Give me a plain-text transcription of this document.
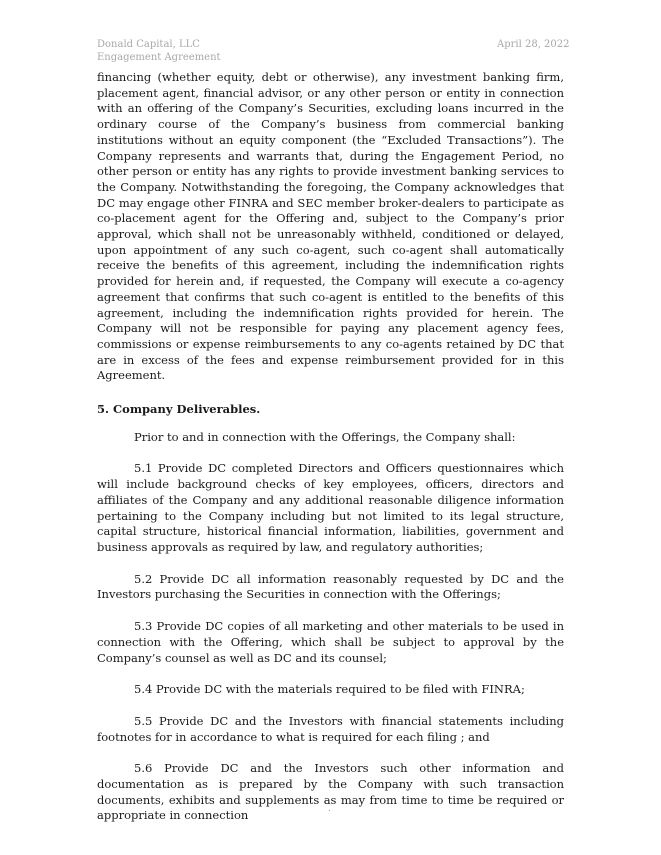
Donald Capital, LLC
Engagement Agreement
April 28, 2022

financing (whether equity, debt or otherwise), any investment banking firm, placement agent, financial advisor, or any other person or entity in connection with an offering of the Company’s Securities, excluding loans incurred in the ordinary course of the Company’s business from commercial banking institutions without an equity component (the “Excluded Transactions”). The Company represents and warrants that, during the Engagement Period, no other person or entity has any rights to provide investment banking services to the Company. Notwithstanding the foregoing, the Company acknowledges that DC may engage other FINRA and SEC member broker-dealers to participate as co-placement agent for the Offering and, subject to the Company’s prior approval, which shall not be unreasonably withheld, conditioned or delayed, upon appointment of any such co-agent, such co-agent shall automatically receive the benefits of this agreement, including the indemnification rights provided for herein and, if requested, the Company will execute a co-agency agreement that confirms that such co-agent is entitled to the benefits of this agreement, including the indemnification rights provided for herein. The Company will not be responsible for paying any placement agency fees, commissions or expense reimbursements to any co-agents retained by DC that are in excess of the fees and expense reimbursement provided for in this Agreement.

5. Company Deliverables.

Prior to and in connection with the Offerings, the Company shall:

5.1 Provide DC completed Directors and Officers questionnaires which will include background checks of key employees, officers, directors and affiliates of the Company and any additional reasonable diligence information pertaining to the Company including but not limited to its legal structure, capital structure, historical financial information, liabilities, government and business approvals as required by law, and regulatory authorities;

5.2 Provide DC all information reasonably requested by DC and the Investors purchasing the Securities in connection with the Offerings;

5.3 Provide DC copies of all marketing and other materials to be used in connection with the Offering, which shall be subject to approval by the Company’s counsel as well as DC and its counsel;

5.4 Provide DC with the materials required to be filed with FINRA;

5.5 Provide DC and the Investors with financial statements including footnotes for in accordance to what is required for each filing ; and

5.6 Provide DC and the Investors such other information and documentation as is prepared by the Company with such transaction documents, exhibits and supplements as may from time to time be required or appropriate in connection	.
